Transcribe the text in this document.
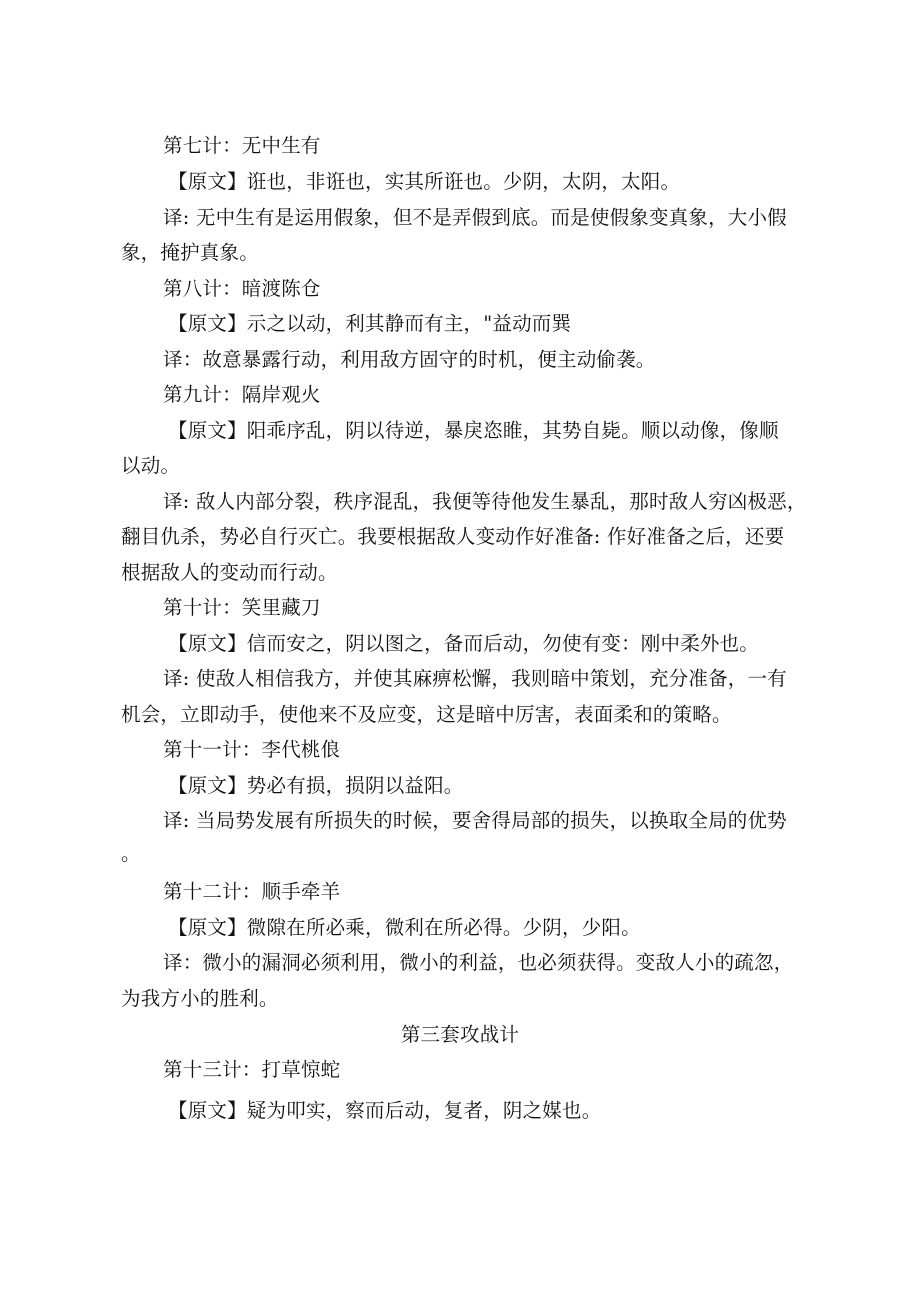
第七计：无中生有
【原文】诳也，非诳也，实其所诳也。少阴，太阴，太阳。
译: 无中生有是运用假象，但不是弄假到底。而是使假象变真象，大小假
象，掩护真象。
第八计：暗渡陈仓
【原文】示之以动，利其静而有主，"益动而巽
译：故意暴露行动，利用敌方固守的时机，便主动偷袭。
第九计：隔岸观火
【原文】阳乖序乱，阴以待逆，暴戾恣睢，其势自毙。顺以动像，像顺
以动。
译: 敌人内部分裂，秩序混乱，我便等待他发生暴乱，那时敌人穷凶极恶，
翻目仇杀，势必自行灭亡。我要根据敌人变动作好准备: 作好准备之后，还要
根据敌人的变动而行动。
第十计：笑里藏刀
【原文】信而安之，阴以图之，备而后动，勿使有变：刚中柔外也。
译: 使敌人相信我方，并使其麻痹松懈，我则暗中策划，充分准备，一有
机会，立即动手，使他来不及应变，这是暗中厉害，表面柔和的策略。
第十一计：李代桃俍
【原文】势必有损，损阴以益阳。
译: 当局势发展有所损失的时候，要舍得局部的损失，以换取全局的优势
。
第十二计：顺手牵羊
【原文】微隙在所必乘，微利在所必得。少阴，少阳。
译：微小的漏洞必须利用，微小的利益，也必须获得。变敌人小的疏忽，
为我方小的胜利。
第三套攻战计
第十三计：打草惊蛇
【原文】疑为叩实，察而后动，复者，阴之媒也。
